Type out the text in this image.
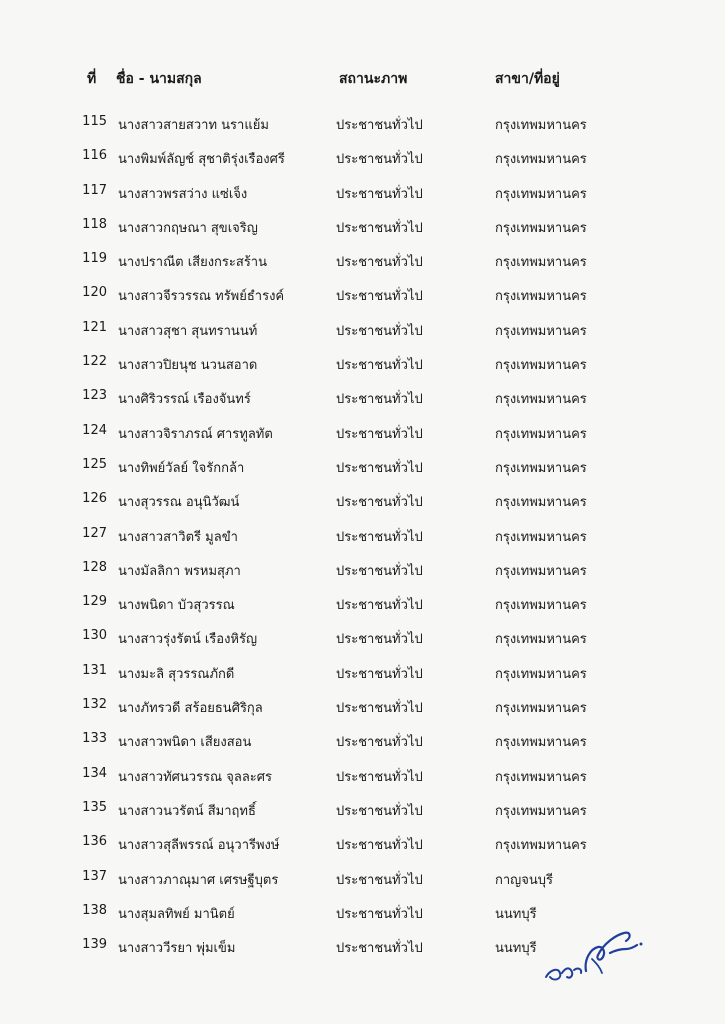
ที่ ชื่อ - นามสกุล	สถานะภาพ	สาขา/ที่อยู่
115 นางสาวสายสวาท นราแย้ม	ประชาชนทั่วไป	กรุงเทพมหานคร
116 นางพิมพ์ลัญช์ สุชาติรุ่งเรืองศรี	ประชาชนทั่วไป	กรุงเทพมหานคร
117 นางสาวพรสว่าง แซ่เจ็ง	ประชาชนทั่วไป	กรุงเทพมหานคร
118 นางสาวกฤษณา สุขเจริญ	ประชาชนทั่วไป	กรุงเทพมหานคร
119 นางปราณีต เสียงกระสร้าน	ประชาชนทั่วไป	กรุงเทพมหานคร
120 นางสาวจีรวรรณ ทรัพย์ธำรงค์	ประชาชนทั่วไป	กรุงเทพมหานคร
121 นางสาวสุชา สุนทรานนท์	ประชาชนทั่วไป	กรุงเทพมหานคร
122 นางสาวปิยนุช นวนสอาด	ประชาชนทั่วไป	กรุงเทพมหานคร
123 นางศิริวรรณ์ เรืองจันทร์	ประชาชนทั่วไป	กรุงเทพมหานคร
124 นางสาวจิราภรณ์ ศารทูลทัต	ประชาชนทั่วไป	กรุงเทพมหานคร
125 นางทิพย์วัลย์ ใจรักกล้า	ประชาชนทั่วไป	กรุงเทพมหานคร
126 นางสุวรรณ อนุนิวัฒน์	ประชาชนทั่วไป	กรุงเทพมหานคร
127 นางสาวสาวิตรี มูลขำ	ประชาชนทั่วไป	กรุงเทพมหานคร
128 นางมัลลิกา พรหมสุภา	ประชาชนทั่วไป	กรุงเทพมหานคร
129 นางพนิดา บัวสุวรรณ	ประชาชนทั่วไป	กรุงเทพมหานคร
130 นางสาวรุ่งรัตน์ เรืองหิรัญ	ประชาชนทั่วไป	กรุงเทพมหานคร
131 นางมะลิ สุวรรณภักดี	ประชาชนทั่วไป	กรุงเทพมหานคร
132 นางภัทรวดี สร้อยธนศิริกุล	ประชาชนทั่วไป	กรุงเทพมหานคร
133 นางสาวพนิดา เสียงสอน	ประชาชนทั่วไป	กรุงเทพมหานคร
134 นางสาวทัศนวรรณ จุลละศร	ประชาชนทั่วไป	กรุงเทพมหานคร
135 นางสาวนวรัตน์ สีมาฤทธิ์	ประชาชนทั่วไป	กรุงเทพมหานคร
136 นางสาวสุลีพรรณ์ อนุวารีพงษ์	ประชาชนทั่วไป	กรุงเทพมหานคร
137 นางสาวภาณุมาศ เศรษฐีบุตร	ประชาชนทั่วไป	กาญจนบุรี
138 นางสุมลทิพย์ มานิตย์	ประชาชนทั่วไป	นนทบุรี
139 นางสาววีรยา พุ่มเข็ม	ประชาชนทั่วไป	นนทบุรี
